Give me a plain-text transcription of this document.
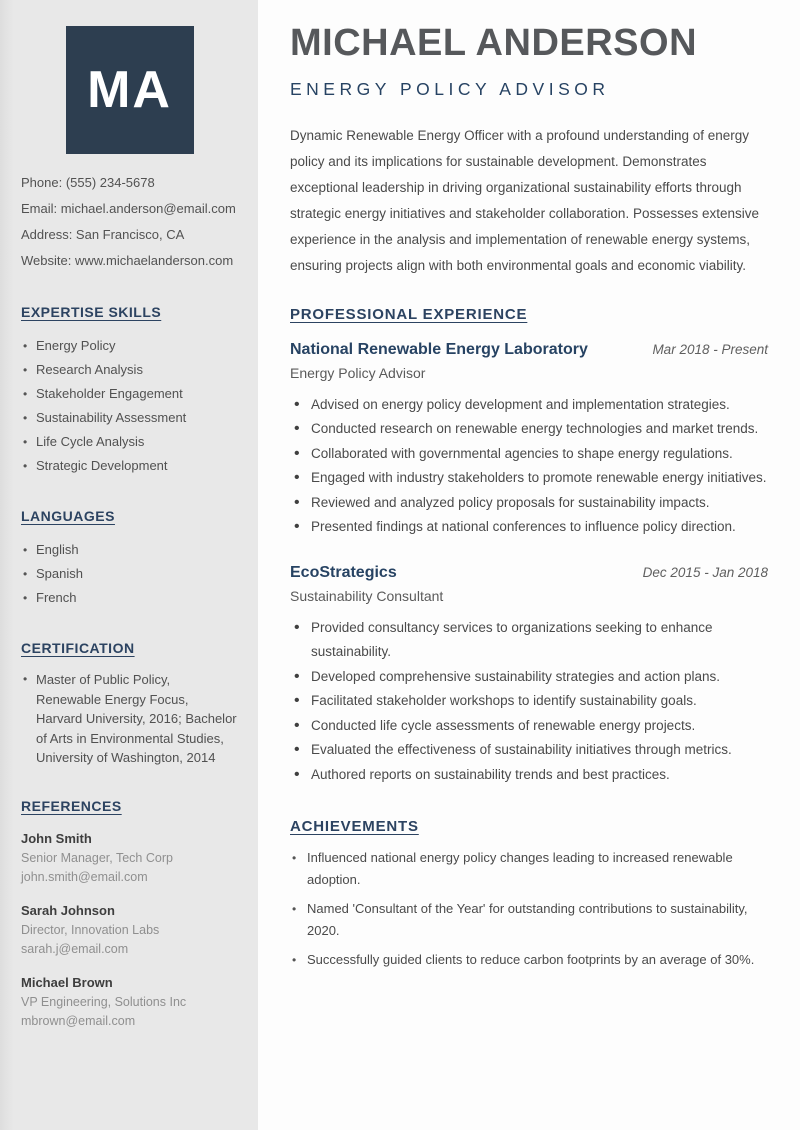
MA
Phone: (555) 234-5678
Email: michael.anderson@email.com
Address: San Francisco, CA
Website: www.michaelanderson.com
EXPERTISE SKILLS
• Energy Policy
• Research Analysis
• Stakeholder Engagement
• Sustainability Assessment
• Life Cycle Analysis
• Strategic Development
LANGUAGES
• English
• Spanish
• French
CERTIFICATION
• Master of Public Policy, Renewable Energy Focus, Harvard University, 2016; Bachelor of Arts in Environmental Studies, University of Washington, 2014
REFERENCES
John Smith
Senior Manager, Tech Corp
john.smith@email.com
Sarah Johnson
Director, Innovation Labs
sarah.j@email.com
Michael Brown
VP Engineering, Solutions Inc
mbrown@email.com
MICHAEL ANDERSON
ENERGY POLICY ADVISOR

Dynamic Renewable Energy Officer with a profound understanding of energy policy and its implications for sustainable development. Demonstrates exceptional leadership in driving organizational sustainability efforts through strategic energy initiatives and stakeholder collaboration. Possesses extensive experience in the analysis and implementation of renewable energy systems, ensuring projects align with both environmental goals and economic viability.

PROFESSIONAL EXPERIENCE
National Renewable Energy Laboratory	Mar 2018 - Present
Energy Policy Advisor
• Advised on energy policy development and implementation strategies.
• Conducted research on renewable energy technologies and market trends.
• Collaborated with governmental agencies to shape energy regulations.
• Engaged with industry stakeholders to promote renewable energy initiatives.
• Reviewed and analyzed policy proposals for sustainability impacts.
• Presented findings at national conferences to influence policy direction.
EcoStrategics	Dec 2015 - Jan 2018
Sustainability Consultant
• Provided consultancy services to organizations seeking to enhance sustainability.
• Developed comprehensive sustainability strategies and action plans.
• Facilitated stakeholder workshops to identify sustainability goals.
• Conducted life cycle assessments of renewable energy projects.
• Evaluated the effectiveness of sustainability initiatives through metrics.
• Authored reports on sustainability trends and best practices.
ACHIEVEMENTS
• Influenced national energy policy changes leading to increased renewable adoption.
• Named 'Consultant of the Year' for outstanding contributions to sustainability, 2020.
• Successfully guided clients to reduce carbon footprints by an average of 30%.
